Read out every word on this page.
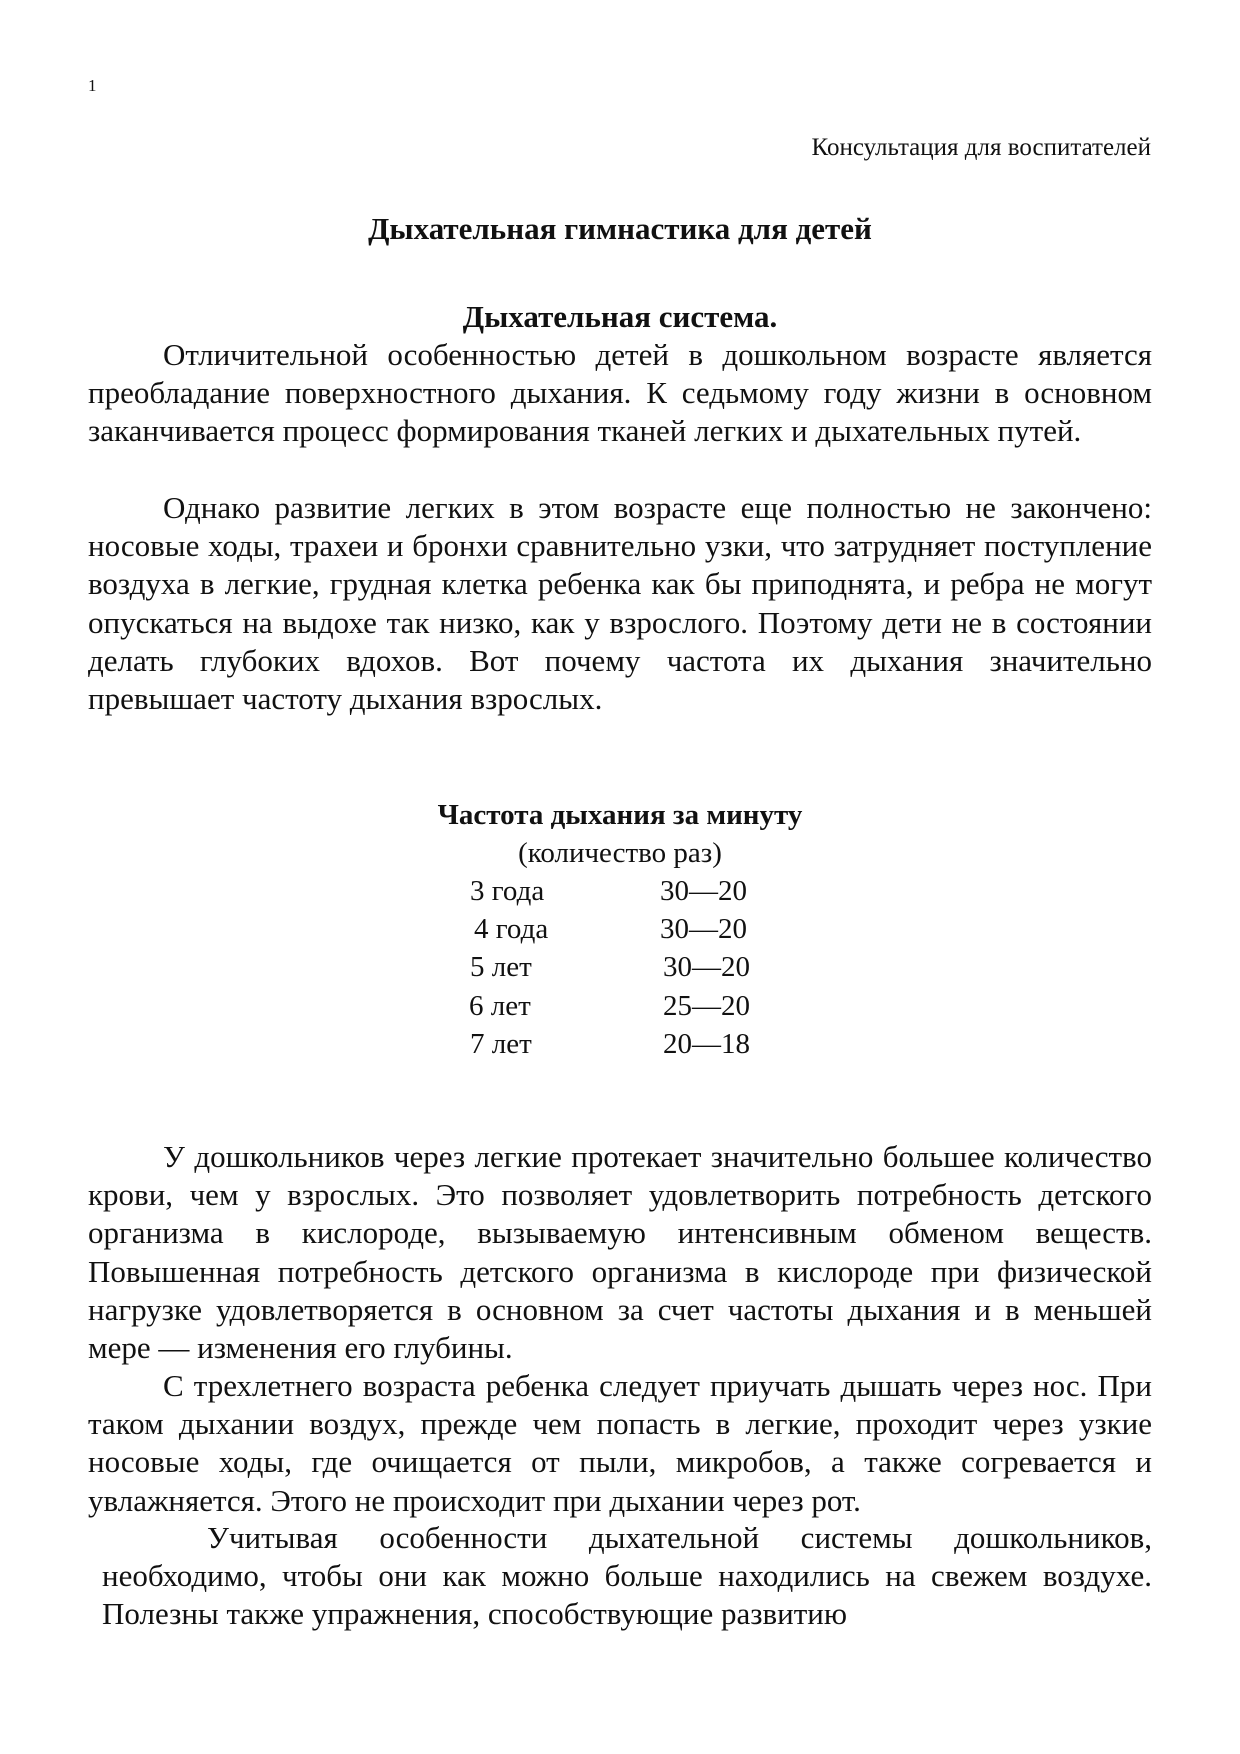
1
Консультация для воспитателей
Дыхательная гимнастика для детей
Дыхательная система.

Отличительной особенностью детей в дошкольном возрасте является преобладание поверхностного дыхания. К седьмому году жизни в основном заканчивается процесс формирования тканей легких и дыхательных путей.

Однако развитие легких в этом возрасте еще полностью не закончено: носовые ходы, трахеи и бронхи сравнительно узки, что затрудняет поступление воздуха в легкие, грудная клетка ребенка как бы приподнята, и ребра не могут опускаться на выдохе так низко, как у взрослого. Поэтому дети не в состоянии делать глубоких вдохов. Вот почему частота их дыхания значительно превышает частоту дыхания взрослых.

Частота дыхания за минуту
(количество раз)
3 года	30—20
4 года	30—20
5 лет	30—20
6 лет	25—20
7 лет	20—18

У дошкольников через легкие протекает значительно большее количество крови, чем у взрослых. Это позволяет удовлетворить потребность детского организма в кислороде, вызываемую интенсивным обменом веществ. Повышенная потребность детского организма в кислороде при физической нагрузке удовлетворяется в основном за счет частоты дыхания и в меньшей мере — изменения его глубины.

С трехлетнего возраста ребенка следует приучать дышать через нос. При таком дыхании воздух, прежде чем попасть в легкие, проходит через узкие носовые ходы, где очищается от пыли, микробов, а также согревается и увлажняется. Этого не происходит при дыхании через рот.

Учитывая особенности дыхательной системы дошкольников, необходимо, чтобы они как можно больше находились на свежем воздухе. Полезны также упражнения, способствующие развитию
